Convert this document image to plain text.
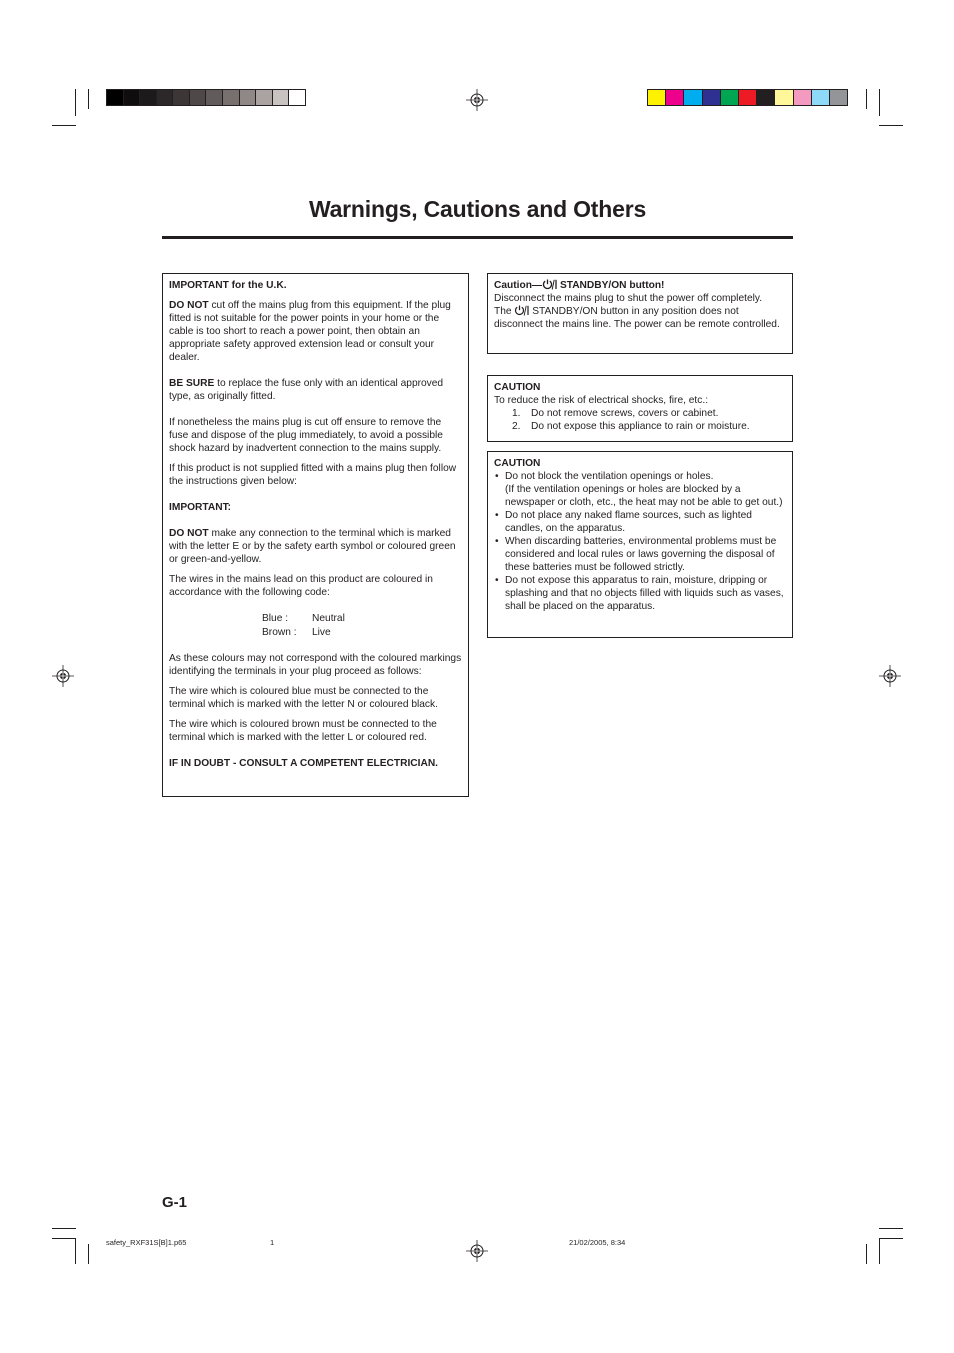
Warnings, Cautions and Others

IMPORTANT for the U.K.

DO NOT cut off the mains plug from this equipment. If the plug fitted is not suitable for the power points in your home or the cable is too short to reach a power point, then obtain an appropriate safety approved extension lead or consult your dealer.

BE SURE to replace the fuse only with an identical approved type, as originally fitted.

If nonetheless the mains plug is cut off ensure to remove the fuse and dispose of the plug immediately, to avoid a possible shock hazard by inadvertent connection to the mains supply.

If this product is not supplied fitted with a mains plug then follow the instructions given below:

IMPORTANT:

DO NOT make any connection to the terminal which is marked with the letter E or by the safety earth symbol or coloured green or green-and-yellow.

The wires in the mains lead on this product are coloured in accordance with the following code:

Blue :	Neutral
Brown :	Live

As these colours may not correspond with the coloured markings identifying the terminals in your plug proceed as follows:

The wire which is coloured blue must be connected to the terminal which is marked with the letter N or coloured black.

The wire which is coloured brown must be connected to the terminal which is marked with the letter L or coloured red.

IF IN DOUBT - CONSULT A COMPETENT ELECTRICIAN.

Caution— STANDBY/ON button!

Disconnect the mains plug to shut the power off completely.

The  STANDBY/ON button in any position does not disconnect the mains line. The power can be remote controlled.

CAUTION

To reduce the risk of electrical shocks, fire, etc.:

1.	Do not remove screws, covers or cabinet.
2.	Do not expose this appliance to rain or moisture.

CAUTION

• Do not block the ventilation openings or holes.
(If the ventilation openings or holes are blocked by a newspaper or cloth, etc., the heat may not be able to get out.)
• Do not place any naked flame sources, such as lighted candles, on the apparatus.
• When discarding batteries, environmental problems must be considered and local rules or laws governing the disposal of these batteries must be followed strictly.
• Do not expose this apparatus to rain, moisture, dripping or splashing and that no objects filled with liquids such as vases, shall be placed on the apparatus.
G-1
safety_RXF31S[B]1.p65	1	21/02/2005, 8:34
